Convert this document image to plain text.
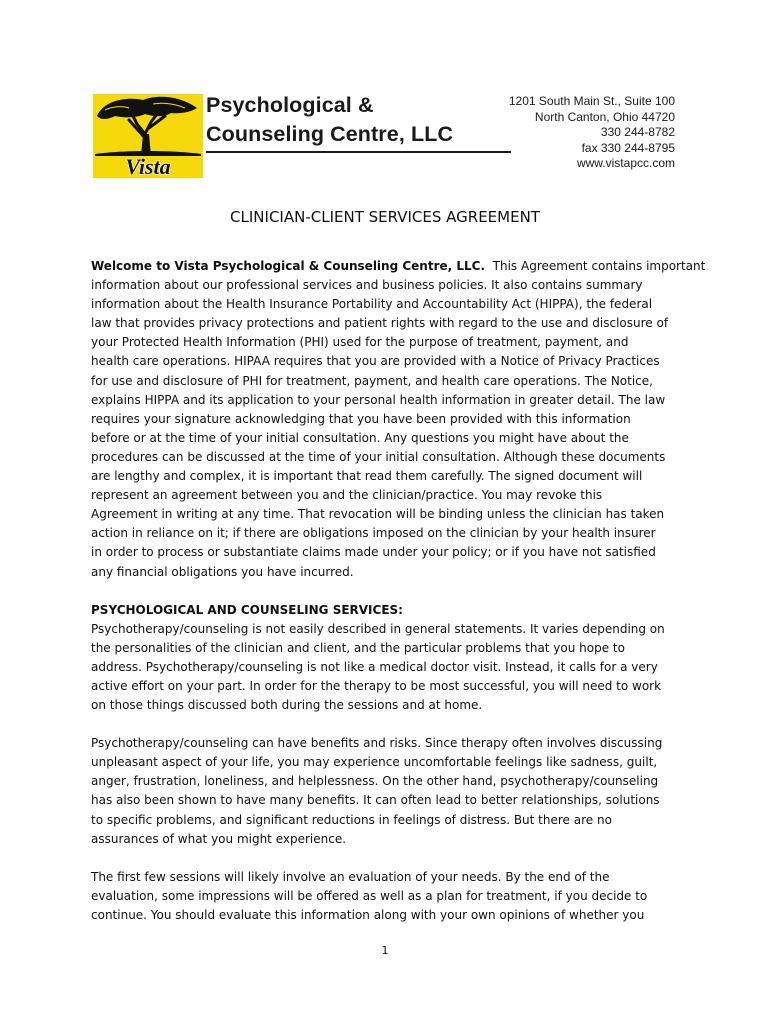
Vista
Psychological &
Counseling Centre, LLC
1201 South Main St., Suite 100
North Canton, Ohio 44720
330 244-8782
fax 330 244-8795
www.vistapcc.com
CLINICIAN-CLIENT SERVICES AGREEMENT

Welcome to Vista Psychological & Counseling Centre, LLC.  This Agreement contains important

information about our professional services and business policies. It also contains summary

information about the Health Insurance Portability and Accountability Act (HIPPA), the federal

law that provides privacy protections and patient rights with regard to the use and disclosure of

your Protected Health Information (PHI) used for the purpose of treatment, payment, and

health care operations. HIPAA requires that you are provided with a Notice of Privacy Practices

for use and disclosure of PHI for treatment, payment, and health care operations. The Notice,

explains HIPPA and its application to your personal health information in greater detail. The law

requires your signature acknowledging that you have been provided with this information

before or at the time of your initial consultation. Any questions you might have about the

procedures can be discussed at the time of your initial consultation. Although these documents

are lengthy and complex, it is important that read them carefully. The signed document will

represent an agreement between you and the clinician/practice. You may revoke this

Agreement in writing at any time. That revocation will be binding unless the clinician has taken

action in reliance on it; if there are obligations imposed on the clinician by your health insurer

in order to process or substantiate claims made under your policy; or if you have not satisfied

any financial obligations you have incurred.

PSYCHOLOGICAL AND COUNSELING SERVICES:

Psychotherapy/counseling is not easily described in general statements. It varies depending on

the personalities of the clinician and client, and the particular problems that you hope to

address. Psychotherapy/counseling is not like a medical doctor visit. Instead, it calls for a very

active effort on your part. In order for the therapy to be most successful, you will need to work

on those things discussed both during the sessions and at home.

Psychotherapy/counseling can have benefits and risks. Since therapy often involves discussing

unpleasant aspect of your life, you may experience uncomfortable feelings like sadness, guilt,

anger, frustration, loneliness, and helplessness. On the other hand, psychotherapy/counseling

has also been shown to have many benefits. It can often lead to better relationships, solutions

to specific problems, and significant reductions in feelings of distress. But there are no

assurances of what you might experience.

The first few sessions will likely involve an evaluation of your needs. By the end of the

evaluation, some impressions will be offered as well as a plan for treatment, if you decide to

continue. You should evaluate this information along with your own opinions of whether you

1
